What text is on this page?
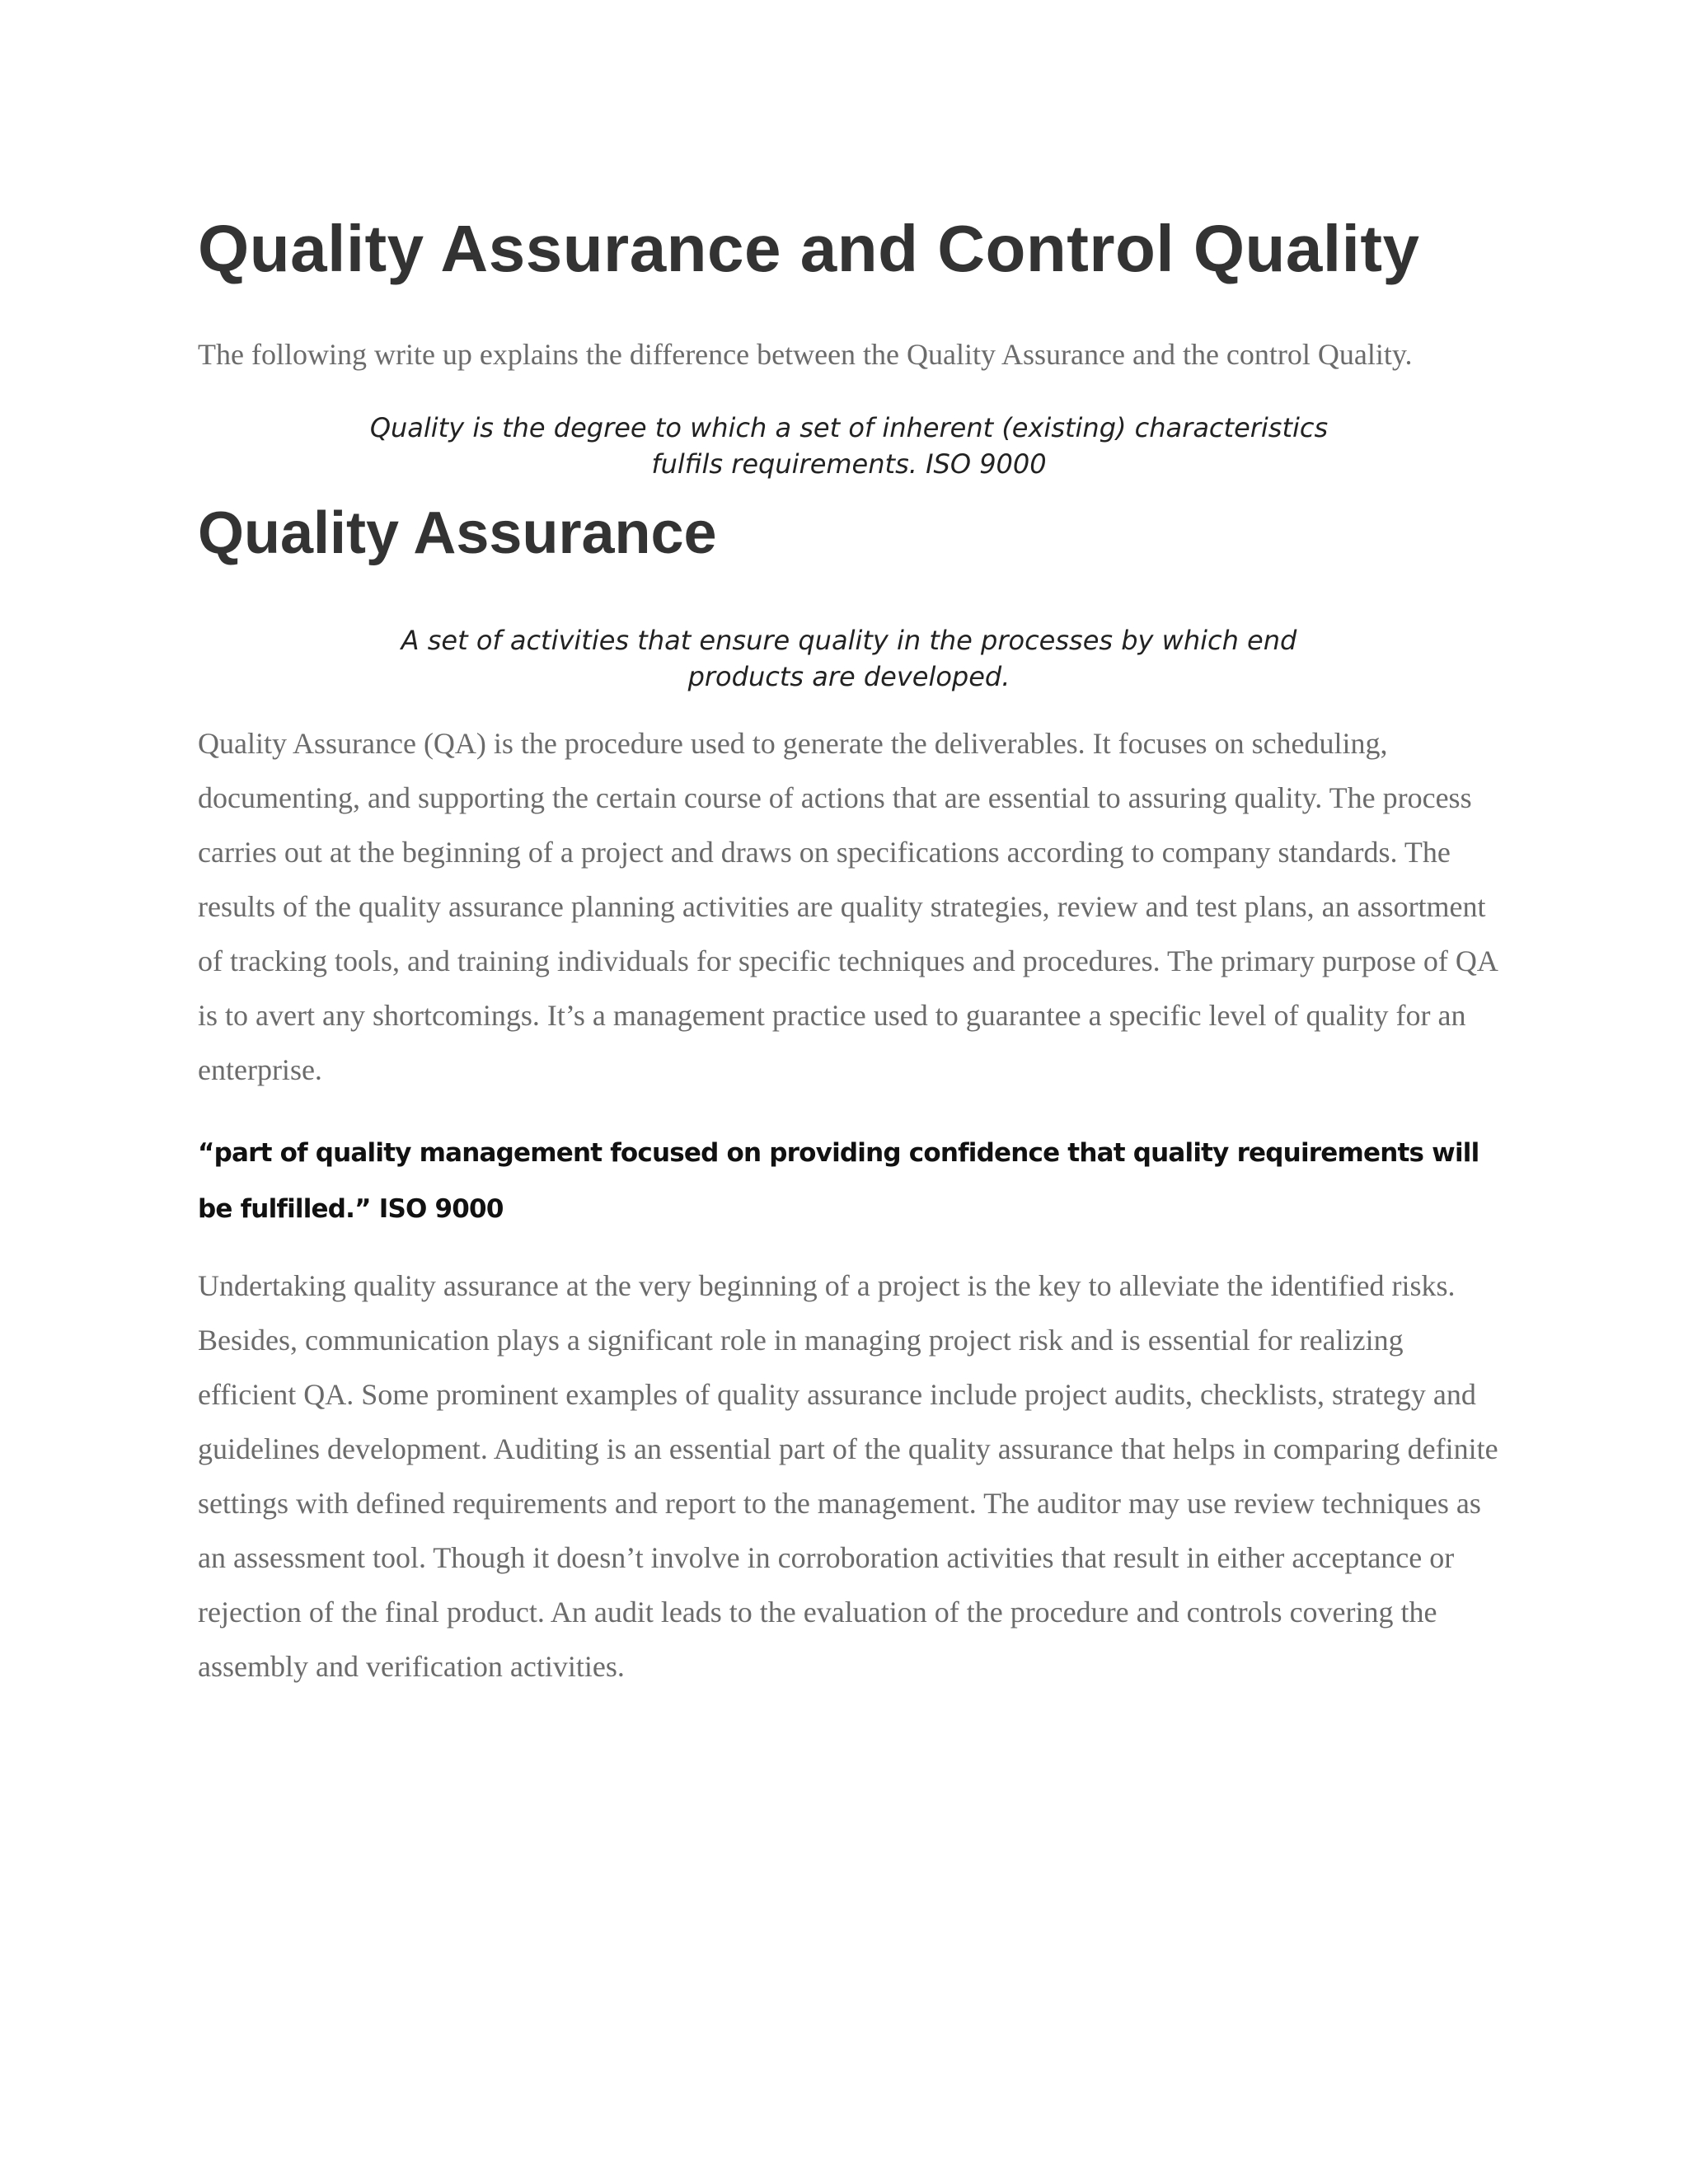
Quality Assurance and Control Quality

The following write up explains the difference between the Quality Assurance and the control Quality.

Quality is the degree to which a set of inherent (existing) characteristics fulfils requirements. ISO 9000

Quality Assurance

A set of activities that ensure quality in the processes by which end products are developed.

Quality Assurance (QA) is the procedure used to generate the deliverables. It focuses on scheduling, documenting, and supporting the certain course of actions that are essential to assuring quality. The process carries out at the beginning of a project and draws on specifications according to company standards. The results of the quality assurance planning activities are quality strategies, review and test plans, an assortment of tracking tools, and training individuals for specific techniques and procedures. The primary purpose of QA is to avert any shortcomings. It’s a management practice used to guarantee a specific level of quality for an enterprise.

“part of quality management focused on providing confidence that quality requirements will be fulfilled.” ISO 9000

Undertaking quality assurance at the very beginning of a project is the key to alleviate the identified risks. Besides, communication plays a significant role in managing project risk and is essential for realizing efficient QA. Some prominent examples of quality assurance include project audits, checklists, strategy and guidelines development. Auditing is an essential part of the quality assurance that helps in comparing definite settings with defined requirements and report to the management. The auditor may use review techniques as an assessment tool. Though it doesn’t involve in corroboration activities that result in either acceptance or rejection of the final product. An audit leads to the evaluation of the procedure and controls covering the assembly and verification activities.
